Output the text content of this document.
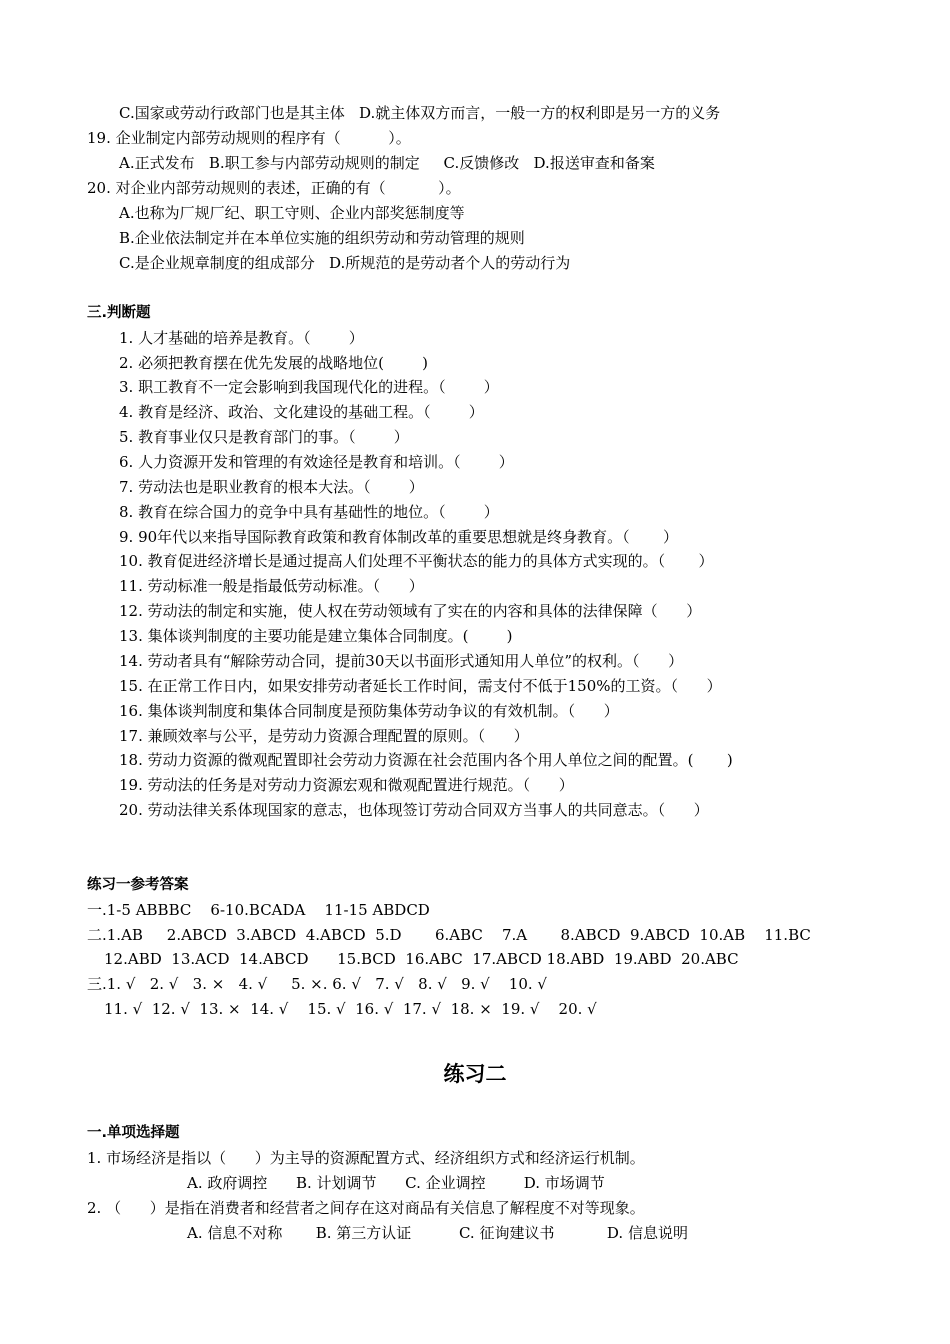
C.国家或劳动行政部门也是其主体   D.就主体双方而言，一般一方的权利即是另一方的义务
19. 企业制定内部劳动规则的程序有（          ）。
A.正式发布   B.职工参与内部劳动规则的制定     C.反馈修改   D.报送审查和备案
20. 对企业内部劳动规则的表述，正确的有（           ）。
A.也称为厂规厂纪、职工守则、企业内部奖惩制度等
B.企业依法制定并在本单位实施的组织劳动和劳动管理的规则
C.是企业规章制度的组成部分   D.所规范的是劳动者个人的劳动行为
三.判断题
1. 人才基础的培养是教育。（        ）
2. 必须把教育摆在优先发展的战略地位(        )
3. 职工教育不一定会影响到我国现代化的进程。（        ）
4. 教育是经济、政治、文化建设的基础工程。（        ）
5. 教育事业仅只是教育部门的事。（        ）
6. 人力资源开发和管理的有效途径是教育和培训。（        ）
7. 劳动法也是职业教育的根本大法。（        ）
8. 教育在综合国力的竞争中具有基础性的地位。（        ）
9. 90年代以来指导国际教育政策和教育体制改革的重要思想就是终身教育。（       ）
10. 教育促进经济增长是通过提高人们处理不平衡状态的能力的具体方式实现的。（       ）
11. 劳动标准一般是指最低劳动标准。（      ）
12. 劳动法的制定和实施，使人权在劳动领域有了实在的内容和具体的法律保障（      ）
13. 集体谈判制度的主要功能是建立集体合同制度。(        )
14. 劳动者具有“解除劳动合同，提前30天以书面形式通知用人单位”的权利。（      ）
15. 在正常工作日内，如果安排劳动者延长工作时间，需支付不低于150%的工资。（      ）
16. 集体谈判制度和集体合同制度是预防集体劳动争议的有效机制。（      ）
17. 兼顾效率与公平，是劳动力资源合理配置的原则。（      ）
18. 劳动力资源的微观配置即社会劳动力资源在社会范围内各个用人单位之间的配置。(       )
19. 劳动法的任务是对劳动力资源宏观和微观配置进行规范。（      ）
20. 劳动法律关系体现国家的意志，也体现签订劳动合同双方当事人的共同意志。（      ）
练习一参考答案
一.1-5 ABBBC    6-10.BCADA    11-15 ABDCD
二.1.AB     2.ABCD  3.ABCD  4.ABCD  5.D       6.ABC    7.A       8.ABCD  9.ABCD  10.AB    11.BC
12.ABD  13.ACD  14.ABCD      15.BCD  16.ABC  17.ABCD 18.ABD  19.ABD  20.ABC
三.1. √   2. √   3. ×   4. √     5. ×. 6. √   7. √   8. √   9. √    10. √
11. √  12. √  13. ×  14. √    15. √  16. √  17. √  18. ×  19. √    20. √
练习二
一.单项选择题
1. 市场经济是指以（      ）为主导的资源配置方式、经济组织方式和经济运行机制。
A. 政府调控      B. 计划调节      C. 企业调控        D. 市场调节
2. （      ）是指在消费者和经营者之间存在这对商品有关信息了解程度不对等现象。
A. 信息不对称       B. 第三方认证          C. 征询建议书           D. 信息说明
